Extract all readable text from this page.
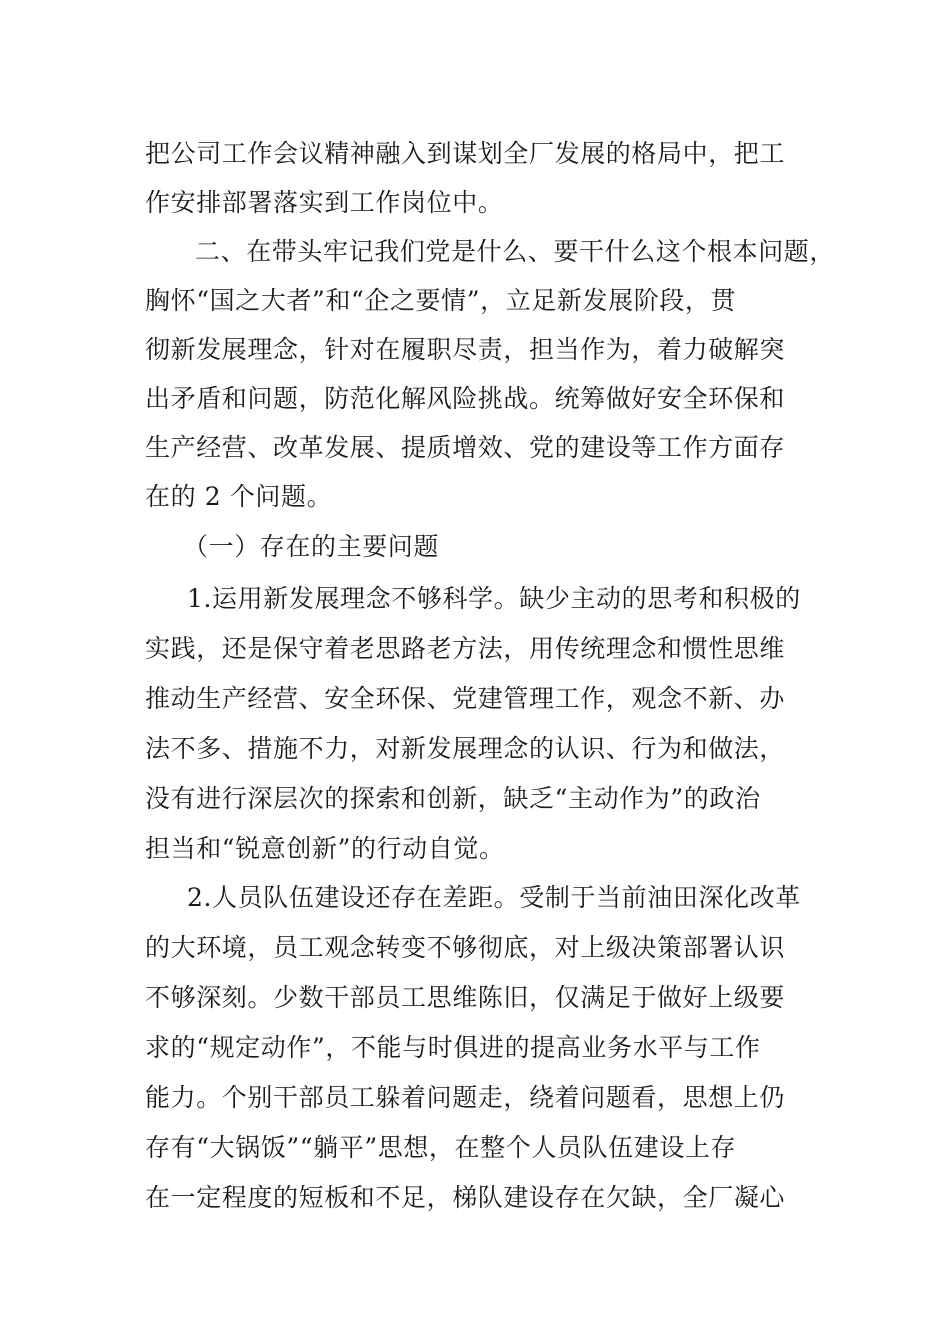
把公司工作会议精神融入到谋划全厂发展的格局中，把工
作安排部署落实到工作岗位中。
二、在带头牢记我们党是什么、要干什么这个根本问题，
胸怀“国之大者”和“企之要情”，立足新发展阶段，贯
彻新发展理念，针对在履职尽责，担当作为，着力破解突
出矛盾和问题，防范化解风险挑战。统筹做好安全环保和
生产经营、改革发展、提质增效、党的建设等工作方面存
在的 2 个问题。
（一）存在的主要问题
1.运用新发展理念不够科学。缺少主动的思考和积极的
实践，还是保守着老思路老方法，用传统理念和惯性思维
推动生产经营、安全环保、党建管理工作，观念不新、办
法不多、措施不力，对新发展理念的认识、行为和做法，
没有进行深层次的探索和创新，缺乏“主动作为”的政治
担当和“锐意创新”的行动自觉。
2.人员队伍建设还存在差距。受制于当前油田深化改革
的大环境，员工观念转变不够彻底，对上级决策部署认识
不够深刻。少数干部员工思维陈旧，仅满足于做好上级要
求的“规定动作”，不能与时俱进的提高业务水平与工作
能力。个别干部员工躲着问题走，绕着问题看，思想上仍
存有“大锅饭”“躺平”思想，在整个人员队伍建设上存
在一定程度的短板和不足，梯队建设存在欠缺，全厂凝心
